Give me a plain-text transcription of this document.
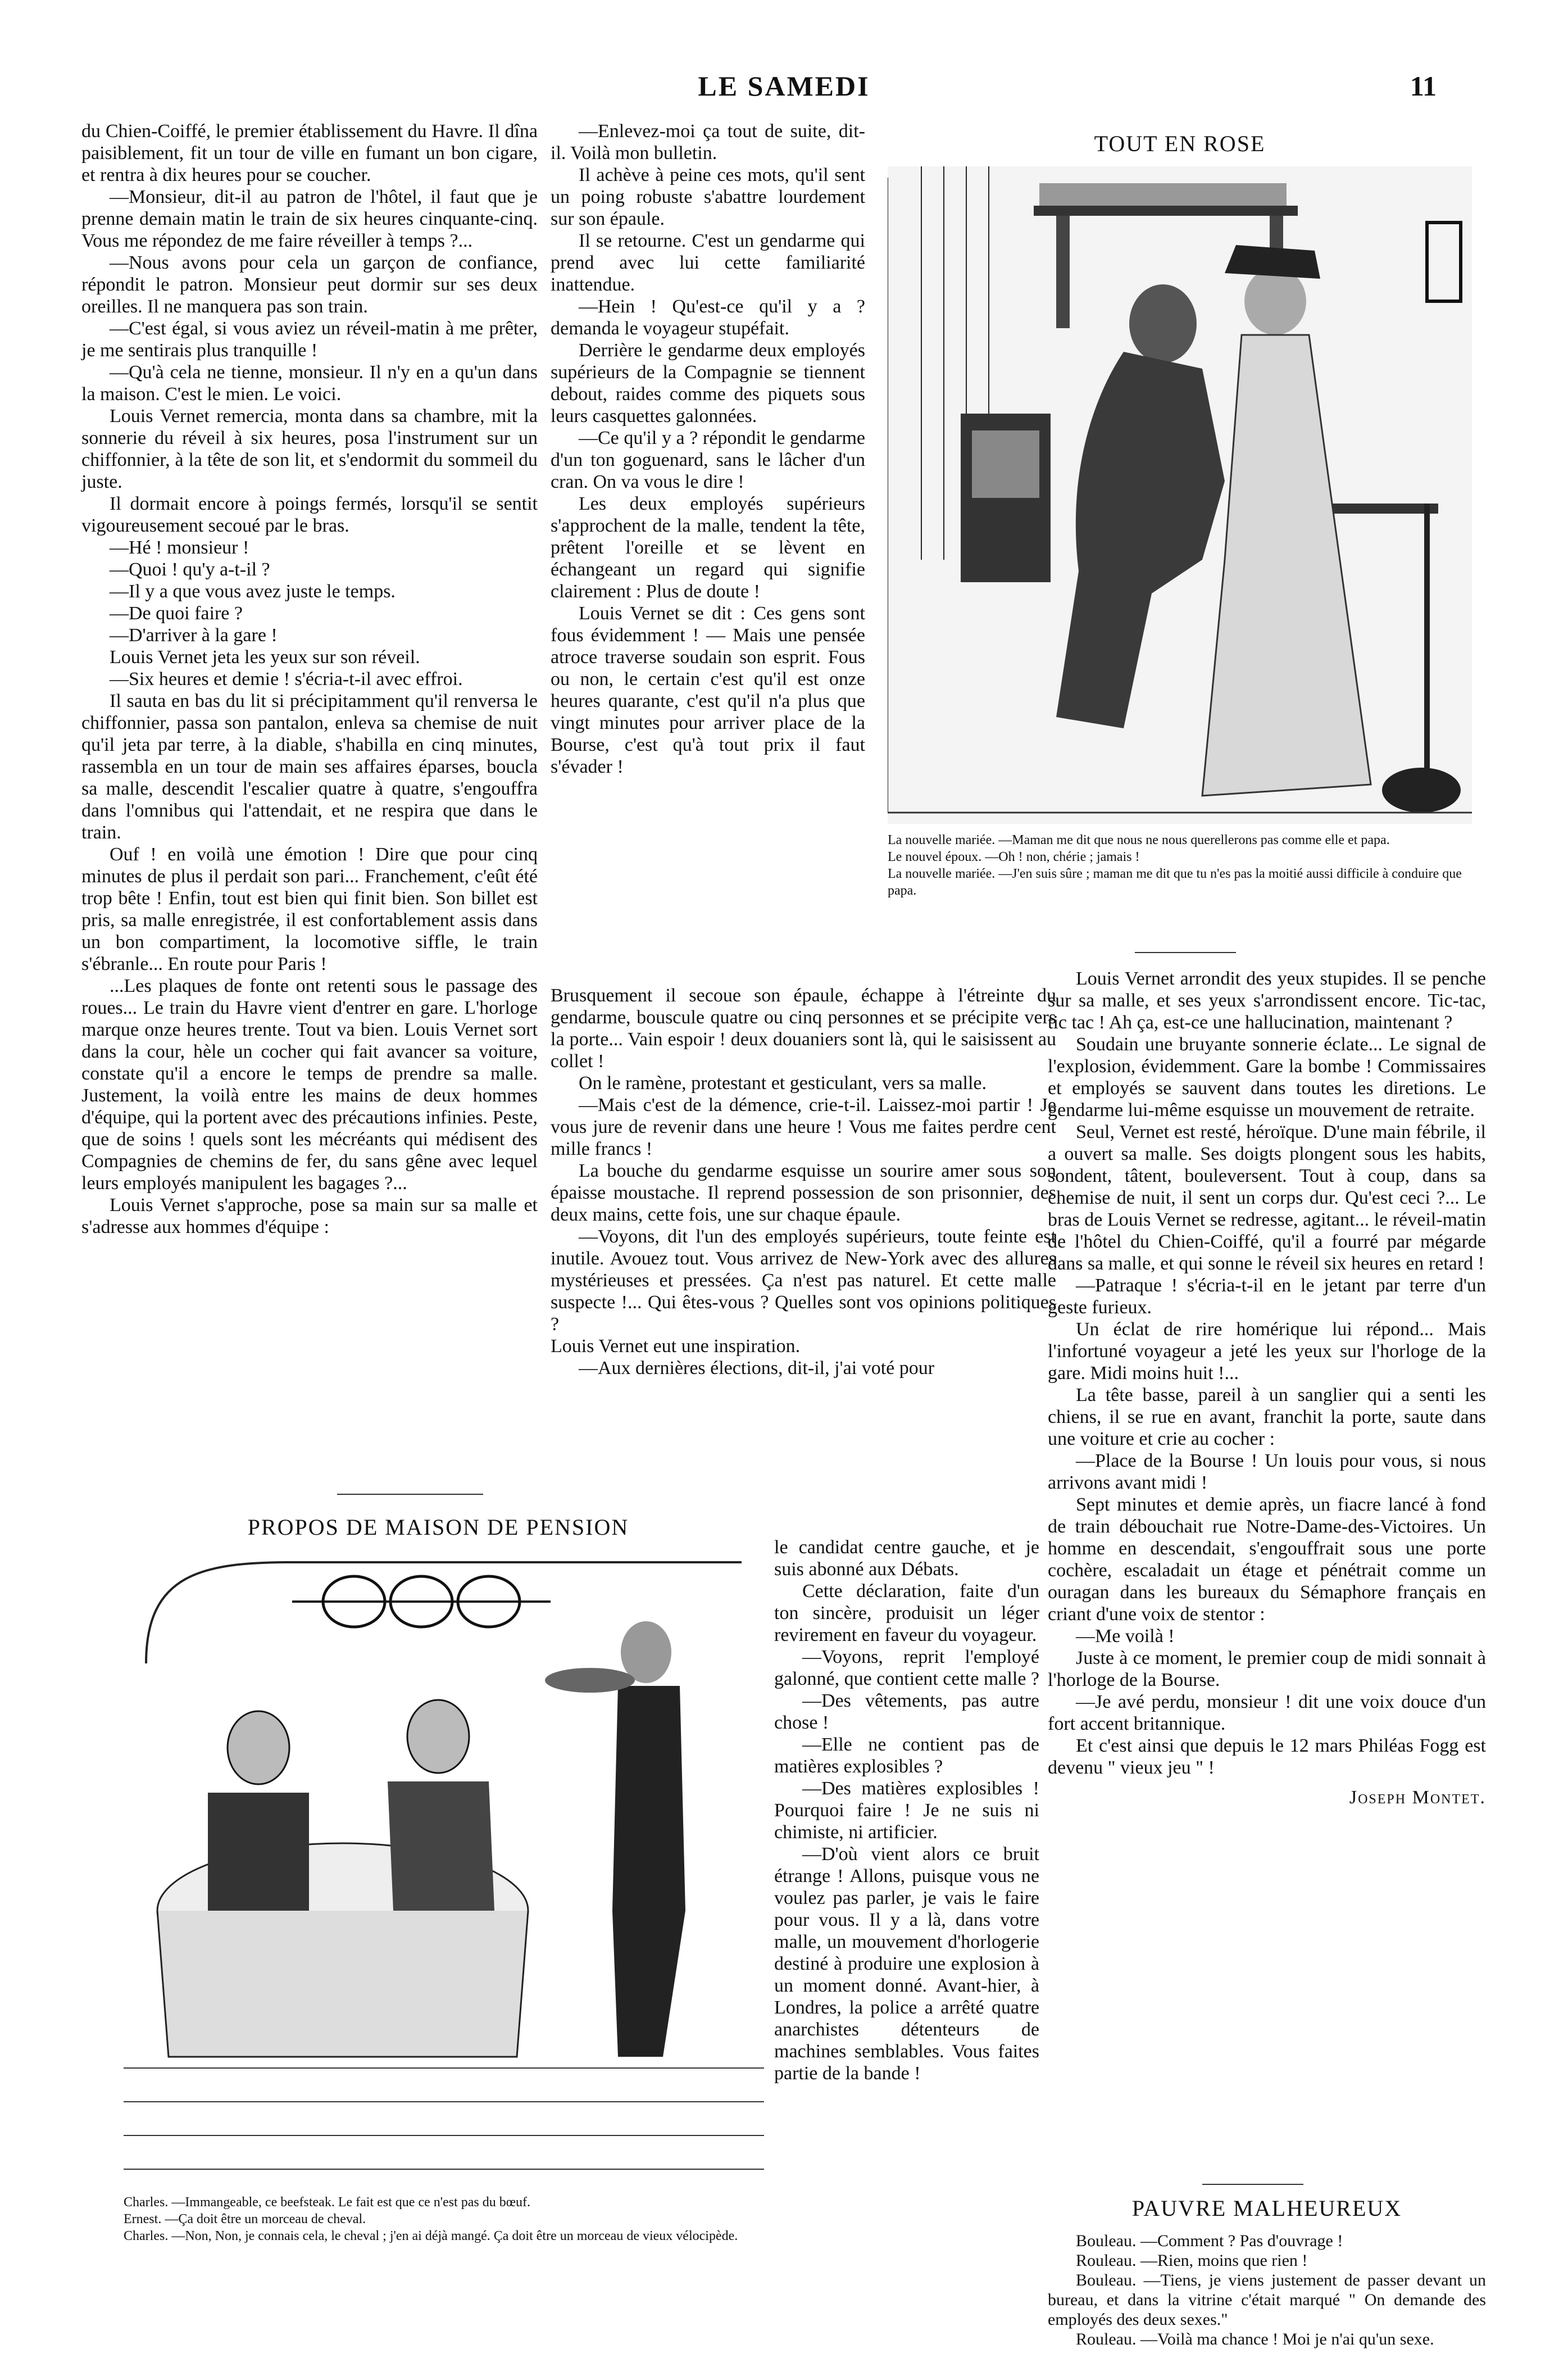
LE SAMEDI	11

du Chien-Coiffé, le premier établissement du Havre. Il dîna paisiblement, fit un tour de ville en fumant un bon cigare, et rentra à dix heures pour se coucher.

—Monsieur, dit-il au patron de l'hôtel, il faut que je prenne demain matin le train de six heures cinquante-cinq. Vous me répondez de me faire réveiller à temps ?...

—Nous avons pour cela un garçon de confiance, répondit le patron. Monsieur peut dormir sur ses deux oreilles. Il ne manquera pas son train.

—C'est égal, si vous aviez un réveil-matin à me prêter, je me sentirais plus tranquille !

—Qu'à cela ne tienne, monsieur. Il n'y en a qu'un dans la maison. C'est le mien. Le voici.

Louis Vernet remercia, monta dans sa chambre, mit la sonnerie du réveil à six heures, posa l'instrument sur un chiffonnier, à la tête de son lit, et s'endormit du sommeil du juste.

Il dormait encore à poings fermés, lorsqu'il se sentit vigoureusement secoué par le bras.

—Hé ! monsieur !

—Quoi ! qu'y a-t-il ?

—Il y a que vous avez juste le temps.

—De quoi faire ?

—D'arriver à la gare !

Louis Vernet jeta les yeux sur son réveil.

—Six heures et demie ! s'écria-t-il avec effroi.

Il sauta en bas du lit si précipitamment qu'il renversa le chiffonnier, passa son pantalon, enleva sa chemise de nuit qu'il jeta par terre, à la diable, s'habilla en cinq minutes, rassembla en un tour de main ses affaires éparses, boucla sa malle, descendit l'escalier quatre à quatre, s'engouffra dans l'omnibus qui l'attendait, et ne respira que dans le train.

Ouf ! en voilà une émotion ! Dire que pour cinq minutes de plus il perdait son pari... Franchement, c'eût été trop bête ! Enfin, tout est bien qui finit bien. Son billet est pris, sa malle enregistrée, il est confortablement assis dans un bon compartiment, la locomotive siffle, le train s'ébranle... En route pour Paris !

...Les plaques de fonte ont retenti sous le passage des roues... Le train du Havre vient d'entrer en gare. L'horloge marque onze heures trente. Tout va bien. Louis Vernet sort dans la cour, hèle un cocher qui fait avancer sa voiture, constate qu'il a encore le temps de prendre sa malle. Justement, la voilà entre les mains de deux hommes d'équipe, qui la portent avec des précautions infinies. Peste, que de soins ! quels sont les mécréants qui médisent des Compagnies de chemins de fer, du sans gêne avec lequel leurs employés manipulent les bagages ?...

Louis Vernet s'approche, pose sa main sur sa malle et s'adresse aux hommes d'équipe :

—Enlevez-moi ça tout de suite, dit-il. Voilà mon bulletin.

Il achève à peine ces mots, qu'il sent un poing robuste s'abattre lourdement sur son épaule.

Il se retourne. C'est un gendarme qui prend avec lui cette familiarité inattendue.

—Hein ! Qu'est-ce qu'il y a ? demanda le voyageur stupéfait.

Derrière le gendarme deux employés supérieurs de la Compagnie se tiennent debout, raides comme des piquets sous leurs casquettes galonnées.

—Ce qu'il y a ? répondit le gendarme d'un ton goguenard, sans le lâcher d'un cran. On va vous le dire !

Les deux employés supérieurs s'approchent de la malle, tendent la tête, prêtent l'oreille et se lèvent en échangeant un regard qui signifie clairement : Plus de doute !

Louis Vernet se dit : Ces gens sont fous évidemment ! — Mais une pensée atroce traverse soudain son esprit. Fous ou non, le certain c'est qu'il est onze heures quarante, c'est qu'il n'a plus que vingt minutes pour arriver place de la Bourse, c'est qu'à tout prix il faut s'évader !

Brusquement il secoue son épaule, échappe à l'étreinte du gendarme, bouscule quatre ou cinq personnes et se précipite vers la porte... Vain espoir ! deux douaniers sont là, qui le saisissent au collet !

On le ramène, protestant et gesticulant, vers sa malle.

—Mais c'est de la démence, crie-t-il. Laissez-moi partir ! Je vous jure de revenir dans une heure ! Vous me faites perdre cent mille francs !

La bouche du gendarme esquisse un sourire amer sous son épaisse moustache. Il reprend possession de son prisonnier, des deux mains, cette fois, une sur chaque épaule.

—Voyons, dit l'un des employés supérieurs, toute feinte est inutile. Avouez tout. Vous arrivez de New-York avec des allures mystérieuses et pressées. Ça n'est pas naturel. Et cette malle suspecte !... Qui êtes-vous ? Quelles sont vos opinions politiques ?

Louis Vernet eut une inspiration.

—Aux dernières élections, dit-il, j'ai voté pour

le candidat centre gauche, et je suis abonné aux Débats.

Cette déclaration, faite d'un ton sincère, produisit un léger revirement en faveur du voyageur.

—Voyons, reprit l'employé galonné, que contient cette malle ?

—Des vêtements, pas autre chose !

—Elle ne contient pas de matières explosibles ?

—Des matières explosibles ! Pourquoi faire ! Je ne suis ni chimiste, ni artificier.

—D'où vient alors ce bruit étrange ! Allons, puisque vous ne voulez pas parler, je vais le faire pour vous. Il y a là, dans votre malle, un mouvement d'horlogerie destiné à produire une explosion à un moment donné. Avant-hier, à Londres, la police a arrêté quatre anarchistes détenteurs de machines semblables. Vous faites partie de la bande !

Louis Vernet arrondit des yeux stupides. Il se penche sur sa malle, et ses yeux s'arrondissent encore. Tic-tac, tic tac ! Ah ça, est-ce une hallucination, maintenant ?

Soudain une bruyante sonnerie éclate... Le signal de l'explosion, évidemment. Gare la bombe ! Commissaires et employés se sauvent dans toutes les diretions. Le gendarme lui-même esquisse un mouvement de retraite.

Seul, Vernet est resté, héroïque. D'une main fébrile, il a ouvert sa malle. Ses doigts plongent sous les habits, sondent, tâtent, bouleversent. Tout à coup, dans sa chemise de nuit, il sent un corps dur. Qu'est ceci ?... Le bras de Louis Vernet se redresse, agitant... le réveil-matin de l'hôtel du Chien-Coiffé, qu'il a fourré par mégarde dans sa malle, et qui sonne le réveil six heures en retard !

—Patraque ! s'écria-t-il en le jetant par terre d'un geste furieux.

Un éclat de rire homérique lui répond... Mais l'infortuné voyageur a jeté les yeux sur l'horloge de la gare. Midi moins huit !...

La tête basse, pareil à un sanglier qui a senti les chiens, il se rue en avant, franchit la porte, saute dans une voiture et crie au cocher :

—Place de la Bourse ! Un louis pour vous, si nous arrivons avant midi !

Sept minutes et demie après, un fiacre lancé à fond de train débouchait rue Notre-Dame-des-Victoires. Un homme en descendait, s'engouffrait sous une porte cochère, escaladait un étage et pénétrait comme un ouragan dans les bureaux du Sémaphore français en criant d'une voix de stentor :

—Me voilà !

Juste à ce moment, le premier coup de midi sonnait à l'horloge de la Bourse.

—Je avé perdu, monsieur ! dit une voix douce d'un fort accent britannique.

Et c'est ainsi que depuis le 12 mars Philéas Fogg est devenu " vieux jeu " !

Joseph Montet.

TOUT EN ROSE
La nouvelle mariée. —Maman me dit que nous ne nous querellerons pas comme elle et papa.
Le nouvel époux. —Oh ! non, chérie ; jamais !
La nouvelle mariée. —J'en suis sûre ; maman me dit que tu n'es pas la moitié aussi difficile à conduire que papa.
PROPOS DE MAISON DE PENSION
Charles. —Immangeable, ce beefsteak. Le fait est que ce n'est pas du bœuf.
Ernest. —Ça doit être un morceau de cheval.
Charles. —Non, Non, je connais cela, le cheval ; j'en ai déjà mangé. Ça doit être un morceau de vieux vélocipède.
PAUVRE MALHEUREUX

Bouleau. —Comment ? Pas d'ouvrage !

Rouleau. —Rien, moins que rien !

Bouleau. —Tiens, je viens justement de passer devant un bureau, et dans la vitrine c'était marqué " On demande des employés des deux sexes."

Rouleau. —Voilà ma chance ! Moi je n'ai qu'un sexe.
